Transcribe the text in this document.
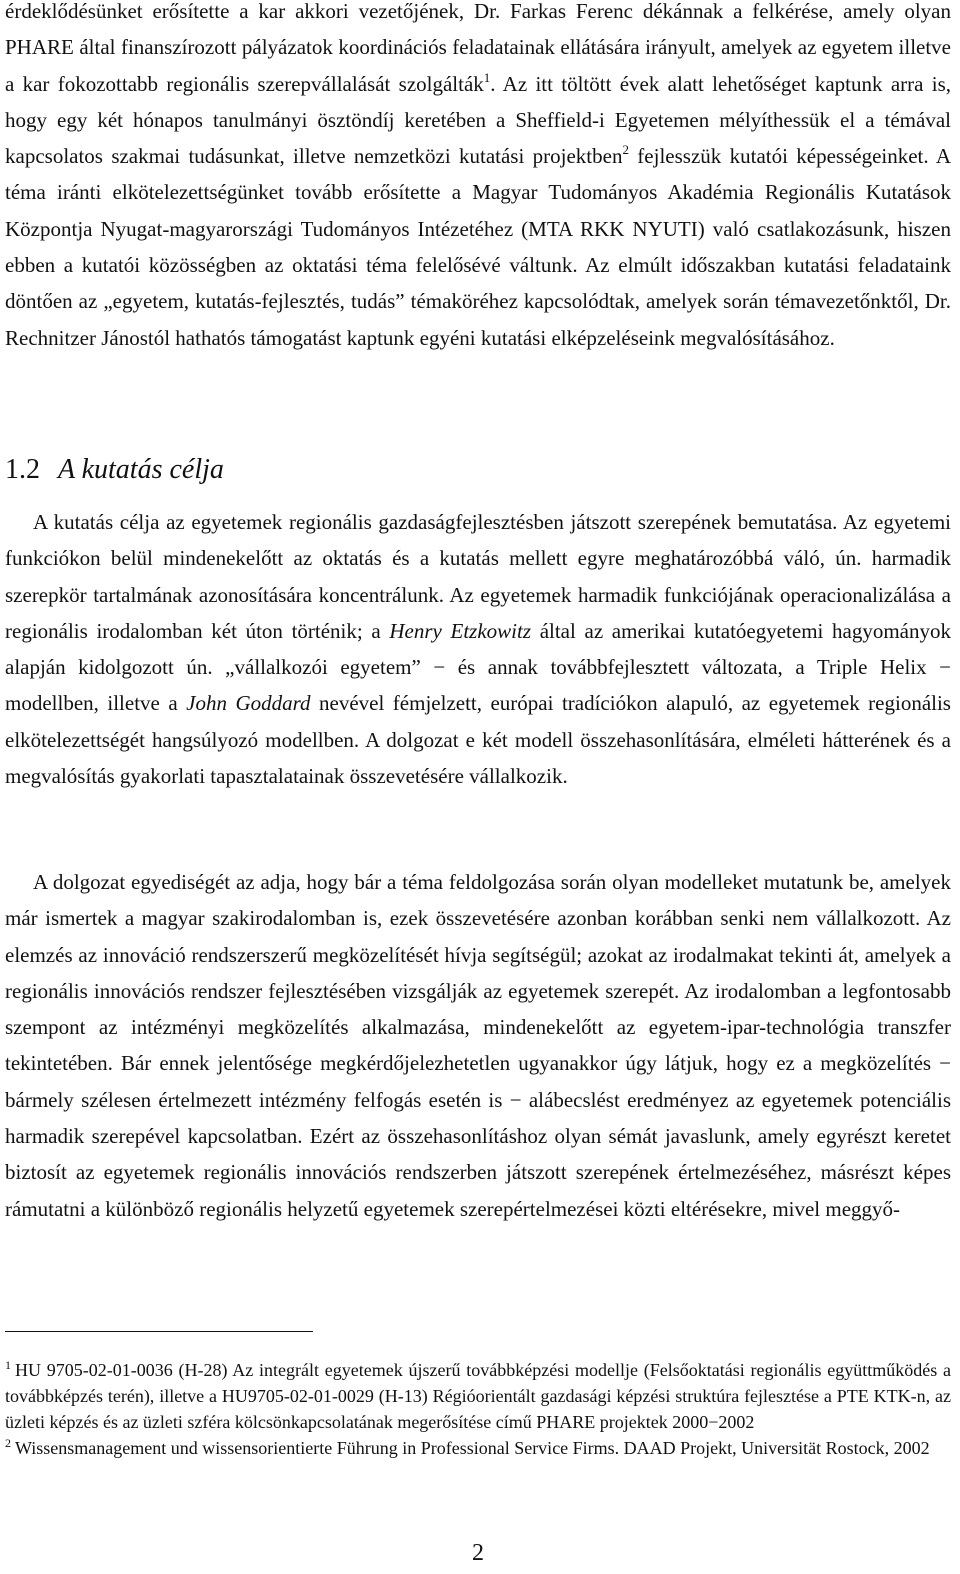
érdeklődésünket erősítette a kar akkori vezetőjének, Dr. Farkas Ferenc dékánnak a felkérése, amely olyan PHARE által finanszírozott pályázatok koordinációs feladatainak ellátására irányult, amelyek az egyetem illetve a kar fokozottabb regionális szerepvállalását szolgálták$^1$. Az itt töltött évek alatt lehetőséget kaptunk arra is, hogy egy két hónapos tanulmányi ösztöndíj keretében a Sheffield-i Egyetemen mélyíthessük el a témával kapcsolatos szakmai tudásunkat, illetve nemzetközi kutatási projektben$^2$ fejlesszük kutatói képességeinket. A téma iránti elkötelezettségünket tovább erősítette a Magyar Tudományos Akadémia Regionális Kutatások Központja Nyugat-magyarországi Tudományos Intézetéhez (MTA RKK NYUTI) való csatlakozásunk, hiszen ebben a kutatói közösségben az oktatási téma felelősévé váltunk. Az elmúlt időszakban kutatási feladataink döntően az „egyetem, kutatás-fejlesztés, tudás” témaköréhez kapcsolódtak, amelyek során témavezetőnktől, Dr. Rechnitzer Jánostól hathatós támogatást kaptunk egyéni kutatási elképzeléseink megvalósításához.

1.2 A kutatás célja

A kutatás célja az egyetemek regionális gazdaságfejlesztésben játszott szerepének bemutatása. Az egyetemi funkciókon belül mindenekelőtt az oktatás és a kutatás mellett egyre meghatározóbbá váló, ún. harmadik szerepkör tartalmának azonosítására koncentrálunk. Az egyetemek harmadik funkciójának operacionalizálása a regionális irodalomban két úton történik; a Henry Etzkowitz által az amerikai kutatóegyetemi hagyományok alapján kidolgozott ún. „vállalkozói egyetem” − és annak továbbfejlesztett változata, a Triple Helix − modellben, illetve a John Goddard nevével fémjelzett, európai tradíciókon alapuló, az egyetemek regionális elkötelezettségét hangsúlyozó modellben. A dolgozat e két modell összehasonlítására, elméleti hátterének és a megvalósítás gyakorlati tapasztalatainak összevetésére vállalkozik.

A dolgozat egyediségét az adja, hogy bár a téma feldolgozása során olyan modelleket mutatunk be, amelyek már ismertek a magyar szakirodalomban is, ezek összevetésére azonban korábban senki nem vállalkozott. Az elemzés az innováció rendszerszerű megközelítését hívja segítségül; azokat az irodalmakat tekinti át, amelyek a regionális innovációs rendszer fejlesztésében vizsgálják az egyetemek szerepét. Az irodalomban a legfontosabb szempont az intézményi megközelítés alkalmazása, mindenekelőtt az egyetem-ipar-technológia transzfer tekintetében. Bár ennek jelentősége megkérdőjelezhetetlen ugyanakkor úgy látjuk, hogy ez a megközelítés − bármely szélesen értelmezett intézmény felfogás esetén is − alábecslést eredményez az egyetemek potenciális harmadik szerepével kapcsolatban. Ezért az összehasonlításhoz olyan sémát javaslunk, amely egyrészt keretet biztosít az egyetemek regionális innovációs rendszerben játszott szerepének értelmezéséhez, másrészt képes rámutatni a különböző regionális helyzetű egyetemek szerepértelmezései közti eltérésekre, mivel meggyő-

$^1$ HU 9705-02-01-0036 (H-28) Az integrált egyetemek újszerű továbbképzési modellje (Felsőoktatási regionális együttműködés a továbbképzés terén), illetve a HU9705-02-01-0029 (H-13) Régióorientált gazdasági képzési struktúra fejlesztése a PTE KTK-n, az üzleti képzés és az üzleti szféra kölcsönkapcsolatának megerősítése című PHARE projektek 2000−2002

$^2$ Wissensmanagement und wissensorientierte Führung in Professional Service Firms. DAAD Projekt, Universität Rostock, 2002

2
